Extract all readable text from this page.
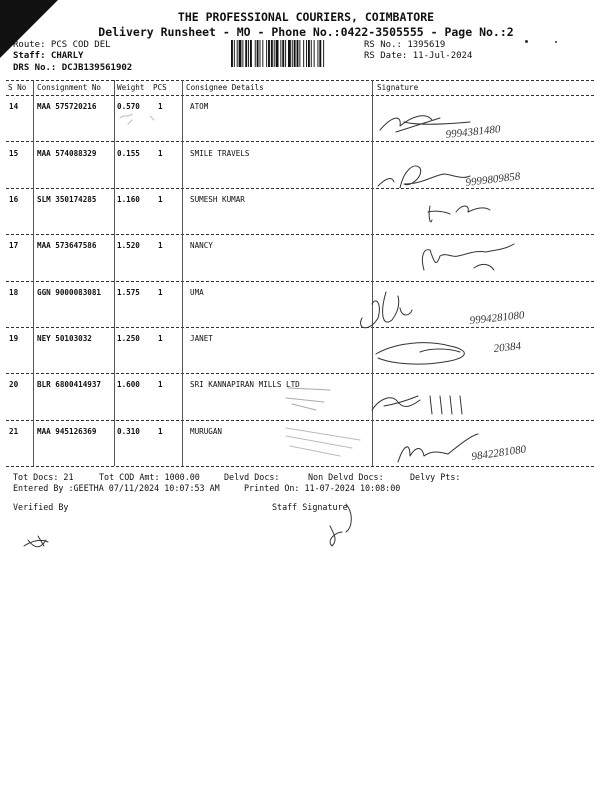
THE PROFESSIONAL COURIERS, COIMBATORE
Delivery Runsheet - MO - Phone No.:0422-3505555 - Page No.:2
Route: PCS COD DEL
Staff: CHARLY
DRS No.: DCJB139561902
RS No.: 1395619
RS Date: 11-Jul-2024
S No Consignment No Weight PCS	Consignee Details	Signature
14 MAA 575720216	0.570 1	ATOM
15 MAA 574088329	0.155 1	SMILE TRAVELS
16 SLM 350174285	1.160 1	SUMESH KUMAR
17 MAA 573647586	1.520 1	NANCY
18 GGN 9000083081 1.575 1	UMA
19 NEY 50103032	1.250 1	JANET
20 BLR 6800414937 1.600 1	SRI KANNAPIRAN MILLS LTD
21 MAA 945126369	0.310 1	MURUGAN
9999809858
9994381480
9994281080
9842281080
20384
Tot Docs: 21	Tot COD Amt: 1000.00	Delvd Docs:	Non Delvd Docs:	Delvy Pts:
Entered By :GEETHA 07/11/2024 10:07:53 AM	Printed On: 11-07-2024 10:08:00
Verified By	Staff Signature
